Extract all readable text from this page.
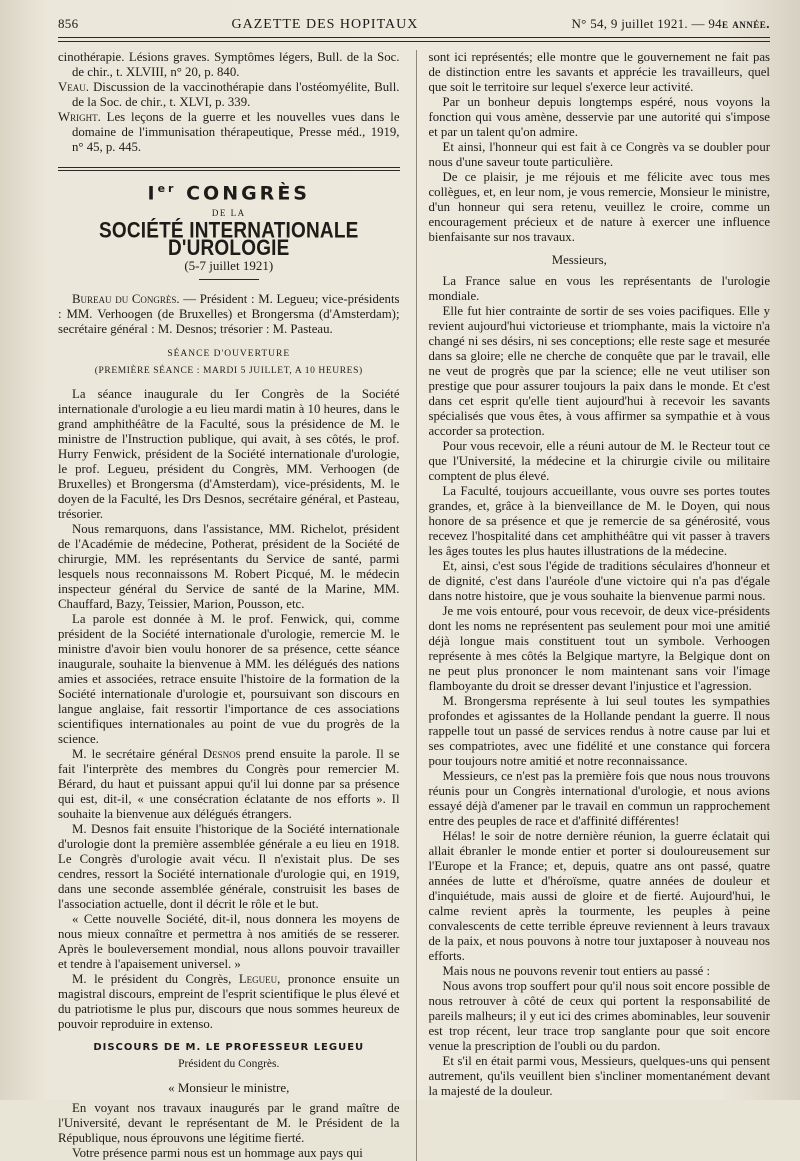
856	GAZETTE DES HOPITAUX	N° 54, 9 juillet 1921. — 94e année.
cinothérapie. Lésions graves. Symptômes légers, Bull. de la Soc. de chir., t. XLVIII, n° 20, p. 840.
Veau. Discussion de la vaccinothérapie dans l'ostéomyélite, Bull. de la Soc. de chir., t. XLVI, p. 339.
Wright. Les leçons de la guerre et les nouvelles vues dans le domaine de l'immunisation thérapeutique, Presse méd., 1919, n° 45, p. 445.
Ier CONGRÈS
DE LA
SOCIÉTÉ INTERNATIONALE D'UROLOGIE
(5-7 juillet 1921)

Bureau du Congrès. — Président : M. Legueu; vice-présidents : MM. Verhoogen (de Bruxelles) et Brongersma (d'Amsterdam); secrétaire général : M. Desnos; trésorier : M. Pasteau.

SÉANCE D'OUVERTURE
(PREMIÈRE SÉANCE : MARDI 5 JUILLET, A 10 HEURES)

La séance inaugurale du Ier Congrès de la Société internationale d'urologie a eu lieu mardi matin à 10 heures, dans le grand amphithéâtre de la Faculté, sous la présidence de M. le ministre de l'Instruction publique, qui avait, à ses côtés, le prof. Hurry Fenwick, président de la Société internationale d'urologie, le prof. Legueu, président du Congrès, MM. Verhoogen (de Bruxelles) et Brongersma (d'Amsterdam), vice-présidents, M. le doyen de la Faculté, les Drs Desnos, secrétaire général, et Pasteau, trésorier.

Nous remarquons, dans l'assistance, MM. Richelot, président de l'Académie de médecine, Potherat, président de la Société de chirurgie, MM. les représentants du Service de santé, parmi lesquels nous reconnaissons M. Robert Picqué, M. le médecin inspecteur général du Service de santé de la Marine, MM. Chauffard, Bazy, Teissier, Marion, Pousson, etc.

La parole est donnée à M. le prof. Fenwick, qui, comme président de la Société internationale d'urologie, remercie M. le ministre d'avoir bien voulu honorer de sa présence, cette séance inaugurale, souhaite la bienvenue à MM. les délégués des nations amies et associées, retrace ensuite l'histoire de la formation de la Société internationale d'urologie et, poursuivant son discours en langue anglaise, fait ressortir l'importance de ces associations scientifiques internationales au point de vue du progrès de la science.

M. le secrétaire général Desnos prend ensuite la parole. Il se fait l'interprète des membres du Congrès pour remercier M. Bérard, du haut et puissant appui qu'il lui donne par sa présence qui est, dit-il, « une consécration éclatante de nos efforts ». Il souhaite la bienvenue aux délégués étrangers.

M. Desnos fait ensuite l'historique de la Société internationale d'urologie dont la première assemblée générale a eu lieu en 1918. Le Congrès d'urologie avait vécu. Il n'existait plus. De ses cendres, ressort la Société internationale d'urologie qui, en 1919, dans une seconde assemblée générale, construisit les bases de l'association actuelle, dont il décrit le rôle et le but.

« Cette nouvelle Société, dit-il, nous donnera les moyens de nous mieux connaître et permettra à nos amitiés de se resserer. Après le bouleversement mondial, nous allons pouvoir travailler et tendre à l'apaisement universel. »

M. le président du Congrès, Legueu, prononce ensuite un magistral discours, empreint de l'esprit scientifique le plus élevé et du patriotisme le plus pur, discours que nous sommes heureux de pouvoir reproduire in extenso.

DISCOURS DE M. LE PROFESSEUR LEGUEU
Président du Congrès.
« Monsieur le ministre,

En voyant nos travaux inaugurés par le grand maître de l'Université, devant le représentant de M. le Président de la République, nous éprouvons une légitime fierté.

Votre présence parmi nous est un hommage aux pays qui

sont ici représentés; elle montre que le gouvernement ne fait pas de distinction entre les savants et apprécie les travailleurs, quel que soit le territoire sur lequel s'exerce leur activité.

Par un bonheur depuis longtemps espéré, nous voyons la fonction qui vous amène, desservie par une autorité qui s'impose et par un talent qu'on admire.

Et ainsi, l'honneur qui est fait à ce Congrès va se doubler pour nous d'une saveur toute particulière.

De ce plaisir, je me réjouis et me félicite avec tous mes collègues, et, en leur nom, je vous remercie, Monsieur le ministre, d'un honneur qui sera retenu, veuillez le croire, comme un encouragement précieux et de nature à exercer une influence bienfaisante sur nos travaux.

Messieurs,

La France salue en vous les représentants de l'urologie mondiale.

Elle fut hier contrainte de sortir de ses voies pacifiques. Elle y revient aujourd'hui victorieuse et triomphante, mais la victoire n'a changé ni ses désirs, ni ses conceptions; elle reste sage et mesurée dans sa gloire; elle ne cherche de conquête que par le travail, elle ne veut de progrès que par la science; elle ne veut utiliser son prestige que pour assurer toujours la paix dans le monde. Et c'est dans cet esprit qu'elle tient aujourd'hui à recevoir les savants spécialisés que vous êtes, à vous affirmer sa sympathie et à vous accorder sa protection.

Pour vous recevoir, elle a réuni autour de M. le Recteur tout ce que l'Université, la médecine et la chirurgie civile ou militaire comptent de plus élevé.

La Faculté, toujours accueillante, vous ouvre ses portes toutes grandes, et, grâce à la bienveillance de M. le Doyen, qui nous honore de sa présence et que je remercie de sa générosité, vous recevez l'hospitalité dans cet amphithéâtre qui vit passer à travers les âges toutes les plus hautes illustrations de la médecine.

Et, ainsi, c'est sous l'égide de traditions séculaires d'honneur et de dignité, c'est dans l'auréole d'une victoire qui n'a pas d'égale dans notre histoire, que je vous souhaite la bienvenue parmi nous.

Je me vois entouré, pour vous recevoir, de deux vice-présidents dont les noms ne représentent pas seulement pour moi une amitié déjà longue mais constituent tout un symbole. Verhoogen représente à mes côtés la Belgique martyre, la Belgique dont on ne peut plus prononcer le nom maintenant sans voir l'image flamboyante du droit se dresser devant l'injustice et l'agression.

M. Brongersma représente à lui seul toutes les sympathies profondes et agissantes de la Hollande pendant la guerre. Il nous rappelle tout un passé de services rendus à notre cause par lui et ses compatriotes, avec une fidélité et une constance qui forcera pour toujours notre amitié et notre reconnaissance.

Messieurs, ce n'est pas la première fois que nous nous trouvons réunis pour un Congrès international d'urologie, et nous avions essayé déjà d'amener par le travail en commun un rapprochement entre des peuples de race et d'affinité différentes!

Hélas! le soir de notre dernière réunion, la guerre éclatait qui allait ébranler le monde entier et porter si douloureusement sur l'Europe et la France; et, depuis, quatre ans ont passé, quatre années de lutte et d'héroïsme, quatre années de douleur et d'inquiétude, mais aussi de gloire et de fierté. Aujourd'hui, le calme revient après la tourmente, les peuples à peine convalescents de cette terrible épreuve reviennent à leurs travaux de la paix, et nous pouvons à notre tour juxtaposer à nouveau nos efforts.

Mais nous ne pouvons revenir tout entiers au passé :

Nous avons trop souffert pour qu'il nous soit encore possible de nous retrouver à côté de ceux qui portent la responsabilité de pareils malheurs; il y eut ici des crimes abominables, leur souvenir est trop récent, leur trace trop sanglante pour que soit encore venue la prescription de l'oubli ou du pardon.

Et s'il en était parmi vous, Messieurs, quelques-uns qui pensent autrement, qu'ils veuillent bien s'incliner momentanément devant la majesté de la douleur.
